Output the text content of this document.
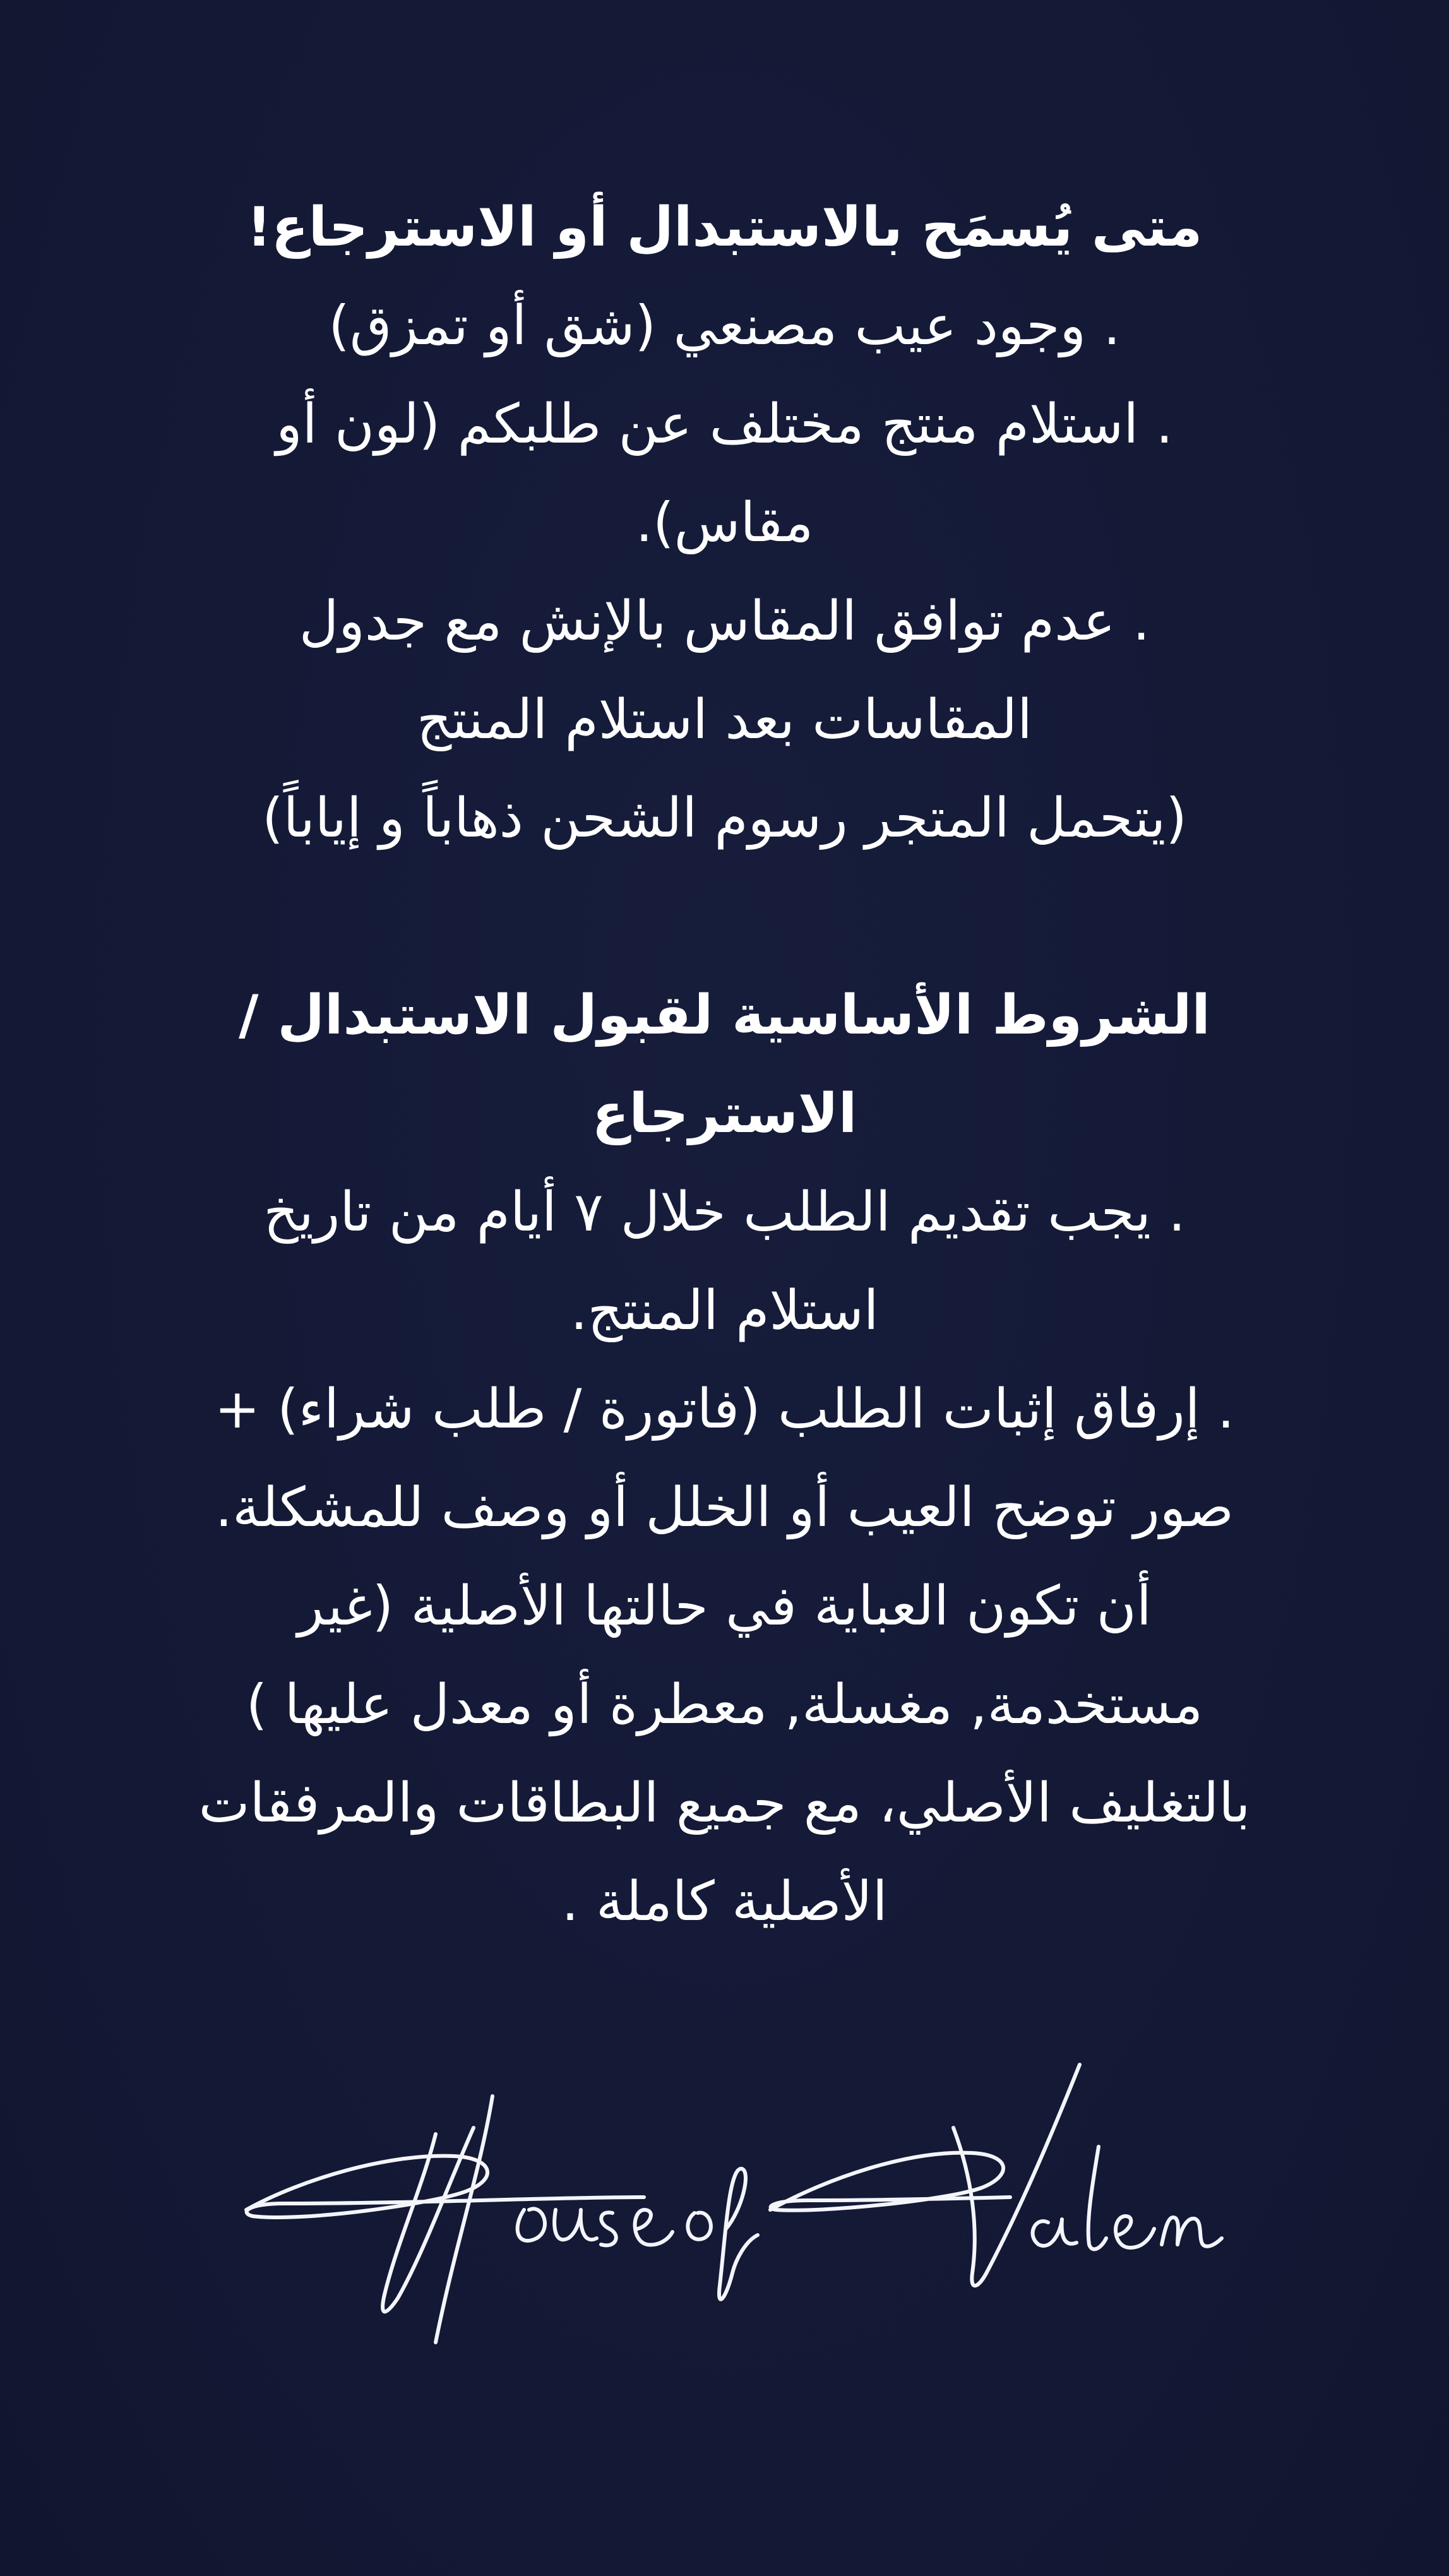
متى يُسمَح بالاستبدال أو الاسترجاع!

. وجود عيب مصنعي (شق أو تمزق)

. استلام منتج مختلف عن طلبكم (لون أو

مقاس).

. عدم توافق المقاس بالإنش مع جدول

المقاسات بعد استلام المنتج

(يتحمل المتجر رسوم الشحن ذهاباً و إياباً)

الشروط الأساسية لقبول الاستبدال / الاسترجاع

. يجب تقديم الطلب خلال ٧ أيام من تاريخ

استلام المنتج.

. إرفاق إثبات الطلب (فاتورة / طلب شراء) +

صور توضح العيب أو الخلل أو وصف للمشكلة.

أن تكون العباية في حالتها الأصلية (غير

مستخدمة, مغسلة, معطرة أو معدل عليها )

بالتغليف الأصلي، مع جميع البطاقات والمرفقات

الأصلية كاملة .
